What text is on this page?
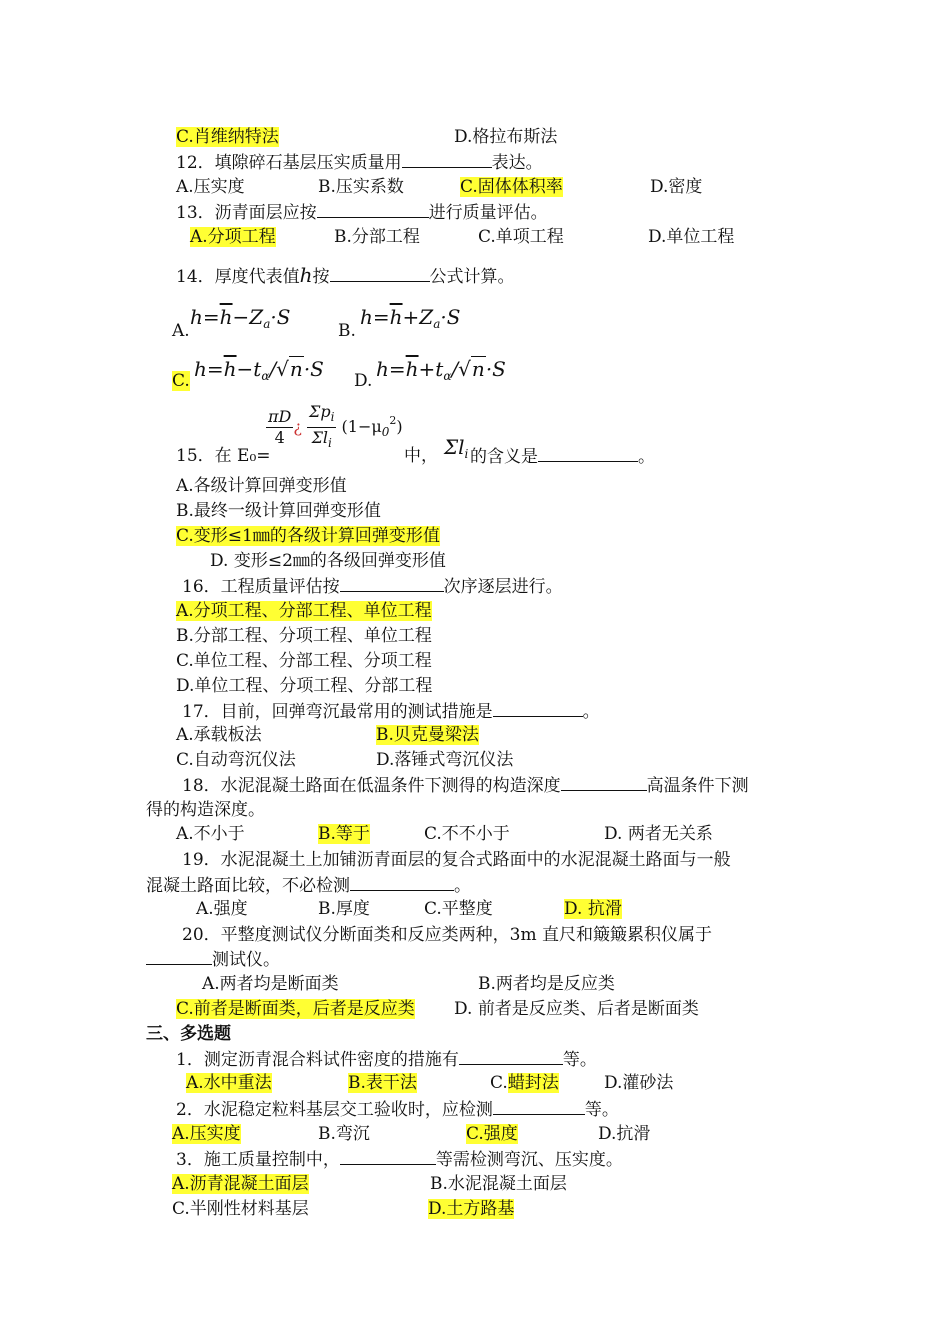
C.肖维纳特法	D.格拉布斯法
12．填隙碎石基层压实质量用	表达。
A.压实度	B.压实系数	C.固体体积率	D.密度
13．沥青面层应按	进行质量评估。
A.分项工程	B.分部工程	C.单项工程	D.单位工程
14．厚度代表值h按	公式计算。
A.
$h=\overline{h}-Z_a\cdot S$
B.
$h=\overline{h}+Z_a\cdot S$
C. $h=\overline{h}-t_\alpha/√n\cdot S$ D. $h=\overline{h}+t_\alpha/√n\cdot S$
15．在 E₀=
$\frac{\pi D}{4}$ ¿ $\frac{\Sigma p_i}{\Sigma l_i} (1-\mu_0^2)$
中， $\Sigma l_i$ 的含义是	。
A.各级计算回弹变形值
B.最终一级计算回弹变形值
C.变形≤1㎜的各级计算回弹变形值
D. 变形≤2㎜的各级回弹变形值
16．工程质量评估按	次序逐层进行。
A.分项工程、分部工程、单位工程
B.分部工程、分项工程、单位工程
C.单位工程、分部工程、分项工程
D.单位工程、分项工程、分部工程
17．目前，回弹弯沉最常用的测试措施是	。
A.承载板法	B.贝克曼梁法
C.自动弯沉仪法	D.落锤式弯沉仪法
18．水泥混凝土路面在低温条件下测得的构造深度	高温条件下测
得的构造深度。
A.不小于	B.等于	C.不不小于	D. 两者无关系
19．水泥混凝土上加铺沥青面层的复合式路面中的水泥混凝土路面与一般
混凝土路面比较，不必检测	。
A.强度	B.厚度	C.平整度	D. 抗滑
20．平整度测试仪分断面类和反应类两种，3m 直尺和簸簸累积仪属于
测试仪。
A.两者均是断面类	B.两者均是反应类
C.前者是断面类，后者是反应类 D. 前者是反应类、后者是断面类
三、多选题
1．测定沥青混合料试件密度的措施有	等。
A.水中重法	B.表干法	C.蜡封法	D.灌砂法
2．水泥稳定粒料基层交工验收时，应检测	等。
A.压实度	B.弯沉	C.强度	D.抗滑
3．施工质量控制中，	等需检测弯沉、压实度。
A.沥青混凝土面层	B.水泥混凝土面层
C.半刚性材料基层	D.土方路基
